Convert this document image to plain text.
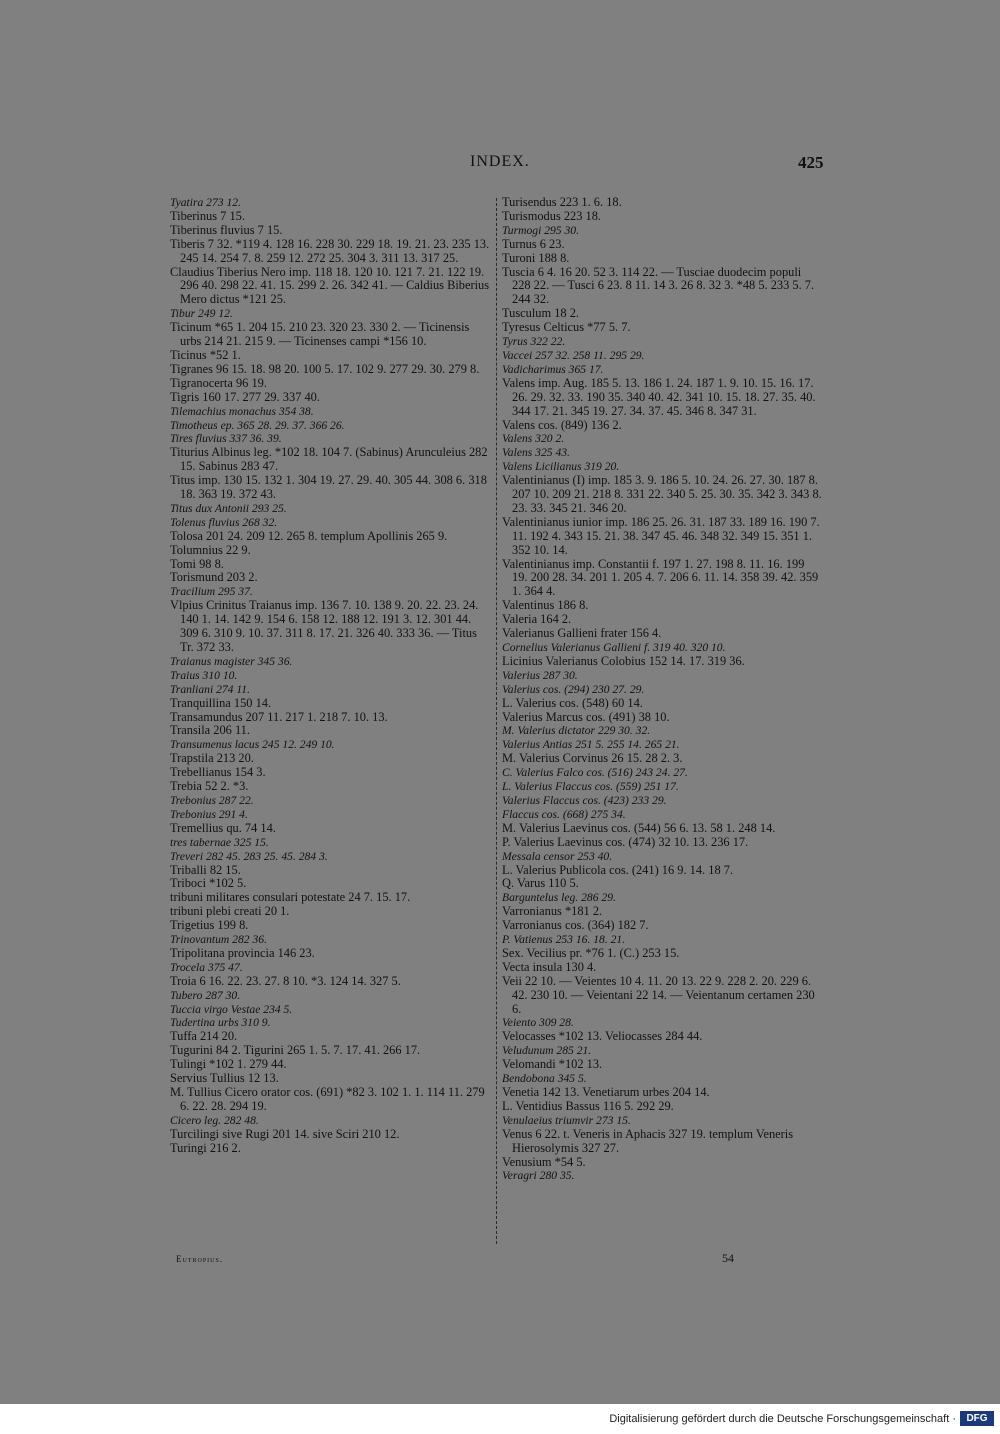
INDEX.	425

Tyatira 273 12.

Tiberinus 7 15.

Tiberinus fluvius 7 15.

Tiberis 7 32. *119 4. 128 16. 228 30. 229 18. 19. 21. 23. 235 13. 245 14. 254 7. 8. 259 12. 272 25. 304 3. 311 13. 317 25.

Claudius Tiberius Nero imp. 118 18. 120 10. 121 7. 21. 122 19. 296 40. 298 22. 41. 15. 299 2. 26. 342 41. — Caldius Biberius Mero dictus *121 25.

Tibur 249 12.

Ticinum *65 1. 204 15. 210 23. 320 23. 330 2. — Ticinensis urbs 214 21. 215 9. — Ticinenses campi *156 10.

Ticinus *52 1.

Tigranes 96 15. 18. 98 20. 100 5. 17. 102 9. 277 29. 30. 279 8.

Tigranocerta 96 19.

Tigris 160 17. 277 29. 337 40.

Tilemachius monachus 354 38.

Timotheus ep. 365 28. 29. 37. 366 26.

Tires fluvius 337 36. 39.

Titurius Albinus leg. *102 18. 104 7. (Sabinus) Arunculeius 282 15. Sabinus 283 47.

Titus imp. 130 15. 132 1. 304 19. 27. 29. 40. 305 44. 308 6. 318 18. 363 19. 372 43.

Titus dux Antonii 293 25.

Tolenus fluvius 268 32.

Tolosa 201 24. 209 12. 265 8. templum Apollinis 265 9.

Tolumnius 22 9.

Tomi 98 8.

Torismund 203 2.

Tracilium 295 37.

Vlpius Crinitus Traianus imp. 136 7. 10. 138 9. 20. 22. 23. 24. 140 1. 14. 142 9. 154 6. 158 12. 188 12. 191 3. 12. 301 44. 309 6. 310 9. 10. 37. 311 8. 17. 21. 326 40. 333 36. — Titus Tr. 372 33.

Traianus magister 345 36.

Traius 310 10.

Tranliani 274 11.

Tranquillina 150 14.

Transamundus 207 11. 217 1. 218 7. 10. 13.

Transila 206 11.

Transumenus lacus 245 12. 249 10.

Trapstila 213 20.

Trebellianus 154 3.

Trebia 52 2. *3.

Trebonius 287 22.

Trebonius 291 4.

Tremellius qu. 74 14.

tres tabernae 325 15.

Treveri 282 45. 283 25. 45. 284 3.

Triballi 82 15.

Triboci *102 5.

tribuni militares consulari potestate 24 7. 15. 17.

tribuni plebi creati 20 1.

Trigetius 199 8.

Trinovantum 282 36.

Tripolitana provincia 146 23.

Trocela 375 47.

Troia 6 16. 22. 23. 27. 8 10. *3. 124 14. 327 5.

Tubero 287 30.

Tuccia virgo Vestae 234 5.

Tudertina urbs 310 9.

Tuffa 214 20.

Tugurini 84 2. Tigurini 265 1. 5. 7. 17. 41. 266 17.

Tulingi *102 1. 279 44.

Servius Tullius 12 13.

M. Tullius Cicero orator cos. (691) *82 3. 102 1. 1. 114 11. 279 6. 22. 28. 294 19.

Cicero leg. 282 48.

Turcilingi sive Rugi 201 14. sive Sciri 210 12.

Turingi 216 2.

Turisendus 223 1. 6. 18.

Turismodus 223 18.

Turmogi 295 30.

Turnus 6 23.

Turoni 188 8.

Tuscia 6 4. 16 20. 52 3. 114 22. — Tusciae duodecim populi 228 22. — Tusci 6 23. 8 11. 14 3. 26 8. 32 3. *48 5. 233 5. 7. 244 32.

Tusculum 18 2.

Tyresus Celticus *77 5. 7.

Tyrus 322 22.

Vaccei 257 32. 258 11. 295 29.

Vadicharimus 365 17.

Valens imp. Aug. 185 5. 13. 186 1. 24. 187 1. 9. 10. 15. 16. 17. 26. 29. 32. 33. 190 35. 340 40. 42. 341 10. 15. 18. 27. 35. 40. 344 17. 21. 345 19. 27. 34. 37. 45. 346 8. 347 31.

Valens cos. (849) 136 2.

Valens 320 2.

Valens 325 43.

Valens Licilianus 319 20.

Valentinianus (I) imp. 185 3. 9. 186 5. 10. 24. 26. 27. 30. 187 8. 207 10. 209 21. 218 8. 331 22. 340 5. 25. 30. 35. 342 3. 343 8. 23. 33. 345 21. 346 20.

Valentinianus iunior imp. 186 25. 26. 31. 187 33. 189 16. 190 7. 11. 192 4. 343 15. 21. 38. 347 45. 46. 348 32. 349 15. 351 1. 352 10. 14.

Valentinianus imp. Constantii f. 197 1. 27. 198 8. 11. 16. 199 19. 200 28. 34. 201 1. 205 4. 7. 206 6. 11. 14. 358 39. 42. 359 1. 364 4.

Valentinus 186 8.

Valeria 164 2.

Valerianus Gallieni frater 156 4.

Cornelius Valerianus Gallieni f. 319 40. 320 10.

Licinius Valerianus Colobius 152 14. 17. 319 36.

Valerius 287 30.

Valerius cos. (294) 230 27. 29.

L. Valerius cos. (548) 60 14.

Valerius Marcus cos. (491) 38 10.

M. Valerius dictator 229 30. 32.

Valerius Antias 251 5. 255 14. 265 21.

M. Valerius Corvinus 26 15. 28 2. 3.

C. Valerius Falco cos. (516) 243 24. 27.

L. Valerius Flaccus cos. (559) 251 17.

Valerius Flaccus cos. (423) 233 29.

Flaccus cos. (668) 275 34.

M. Valerius Laevinus cos. (544) 56 6. 13. 58 1. 248 14.

P. Valerius Laevinus cos. (474) 32 10. 13. 236 17.

Messala censor 253 40.

L. Valerius Publicola cos. (241) 16 9. 14. 18 7.

Q. Varus 110 5.

Barguntelus leg. 286 29.

Varronianus *181 2.

Varronianus cos. (364) 182 7.

P. Vatienus 253 16. 18. 21.

Sex. Vecilius pr. *76 1. (C.) 253 15.

Vecta insula 130 4.

Veii 22 10. — Veientes 10 4. 11. 20 13. 22 9. 228 2. 20. 229 6. 42. 230 10. — Veientani 22 14. — Veientanum certamen 230 6.

Veiento 309 28.

Velocasses *102 13. Veliocasses 284 44.

Veludunum 285 21.

Velomandi *102 13.

Bendobona 345 5.

Venetia 142 13. Venetiarum urbes 204 14.

L. Ventidius Bassus 116 5. 292 29.

Venulaeius triumvir 273 15.

Venus 6 22. t. Veneris in Aphacis 327 19. templum Veneris Hierosolymis 327 27.

Venusium *54 5.

Veragri 280 35.

Eutropius.	54
Digitalisierung gefördert durch die Deutsche Forschungsgemeinschaft ·	DFG
